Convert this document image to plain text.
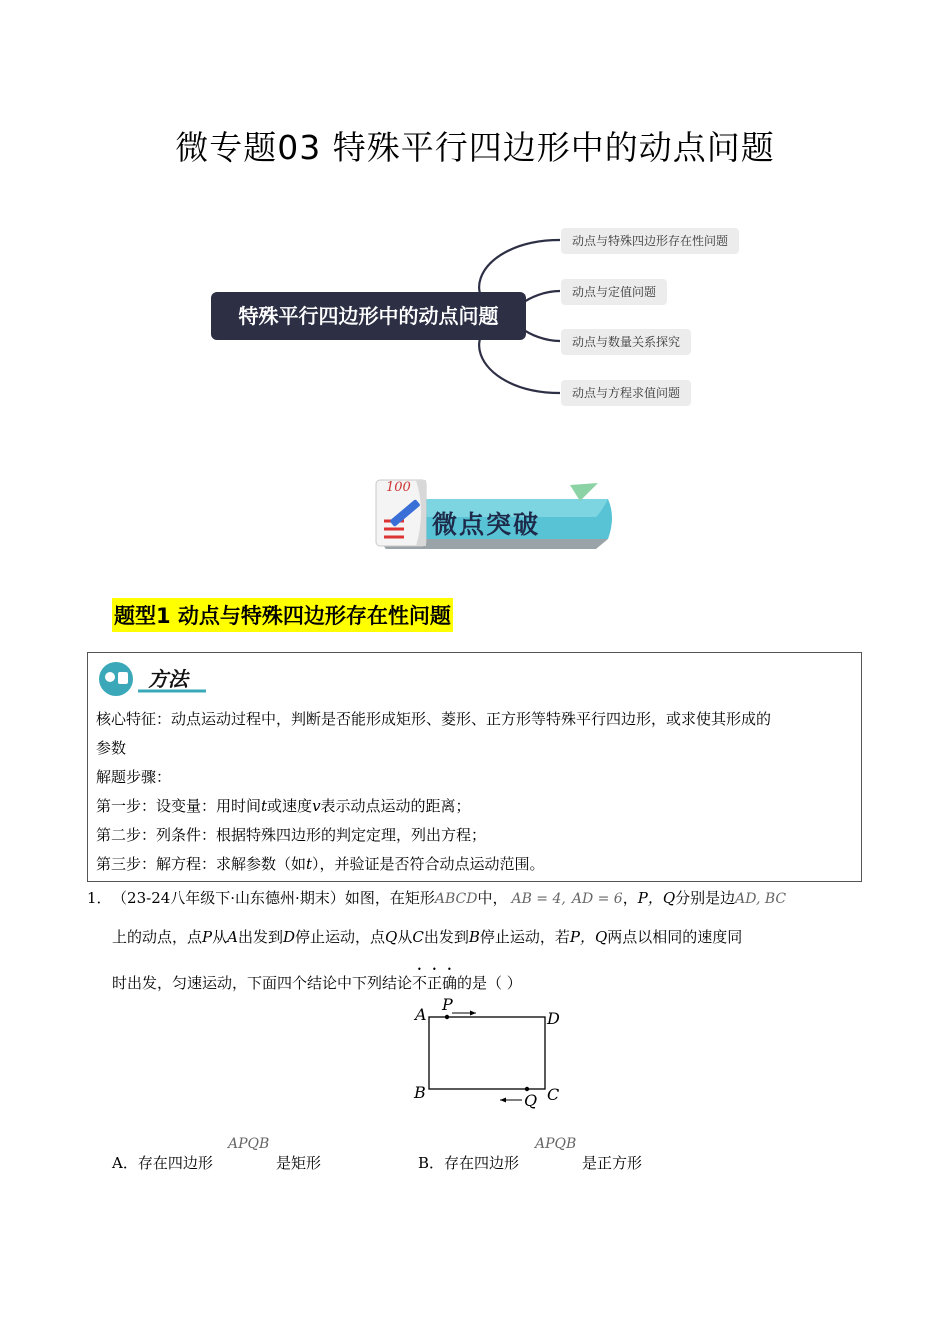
微专题03 特殊平行四边形中的动点问题
特殊平行四边形中的动点问题
动点与特殊四边形存在性问题
动点与定值问题
动点与数量关系探究
动点与方程求值问题
100
微点突破
题型1 动点与特殊四边形存在性问题
方法
核心特征：动点运动过程中，判断是否能形成矩形、菱形、正方形等特殊平行四边形，或求使其形成的
参数
解题步骤：
第一步：设变量：用时间t或速度v表示动点运动的距离；
第二步：列条件：根据特殊四边形的判定定理，列出方程；
第三步：解方程：求解参数（如t），并验证是否符合动点运动范围。
1． （23-24八年级下·山东德州·期末）如图，在矩形ABCD中， AB = 4, AD = 6，P，Q分别是边AD, BC
上的动点，点P从A出发到D停止运动，点Q从C出发到B停止运动，若P，Q两点以相同的速度同
时出发，匀速运动，下面四个结论中下列结论不正确的是（ ）
A
P
D
B	C
Q
A．存在四边形
APQB
是矩形	B．存在四边形
APQB
是正方形
